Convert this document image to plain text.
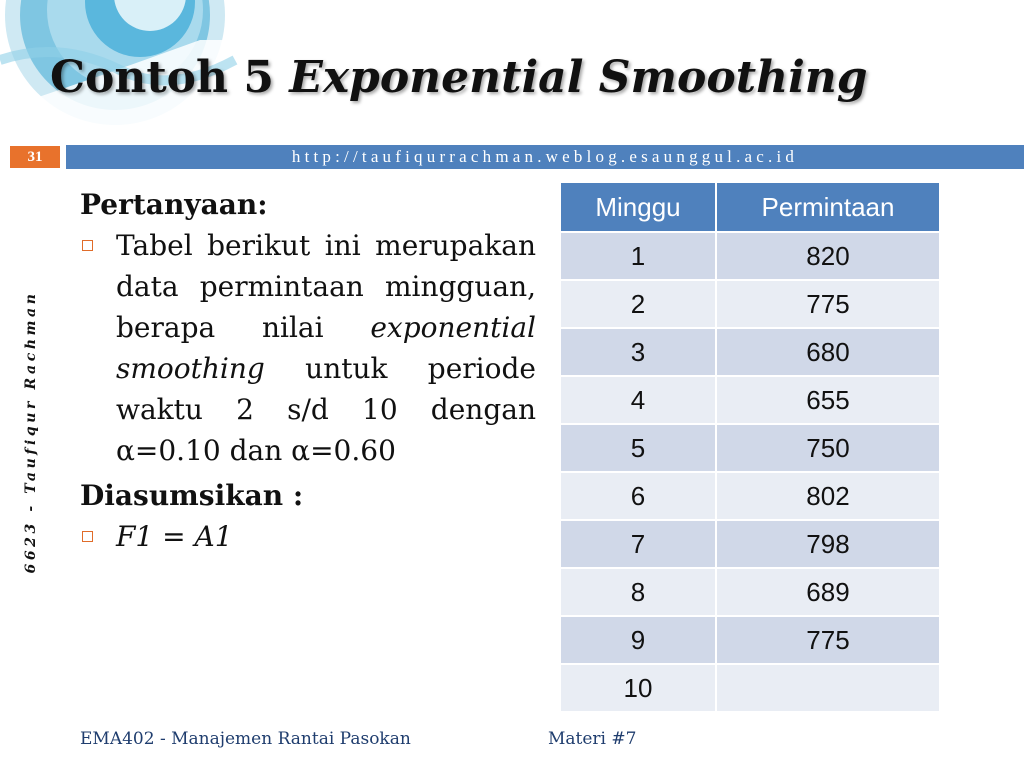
Contoh 5 Exponential Smoothing
31	http://taufiqurrachman.weblog.esaunggul.ac.id
6623 - Taufiqur Rachman

Pertanyaan:

Tabel berikut ini merupakan data permintaan mingguan, berapa nilai exponential smoothing untuk periode waktu 2 s/d 10 dengan α=0.10 dan α=0.60

Diasumsikan :

F1 = A1
Minggu	Permintaan
1	820
2	775
3	680
4	655
5	750
6	802
7	798
8	689
9	775
10	
EMA402 - Manajemen Rantai Pasokan	Materi #7
